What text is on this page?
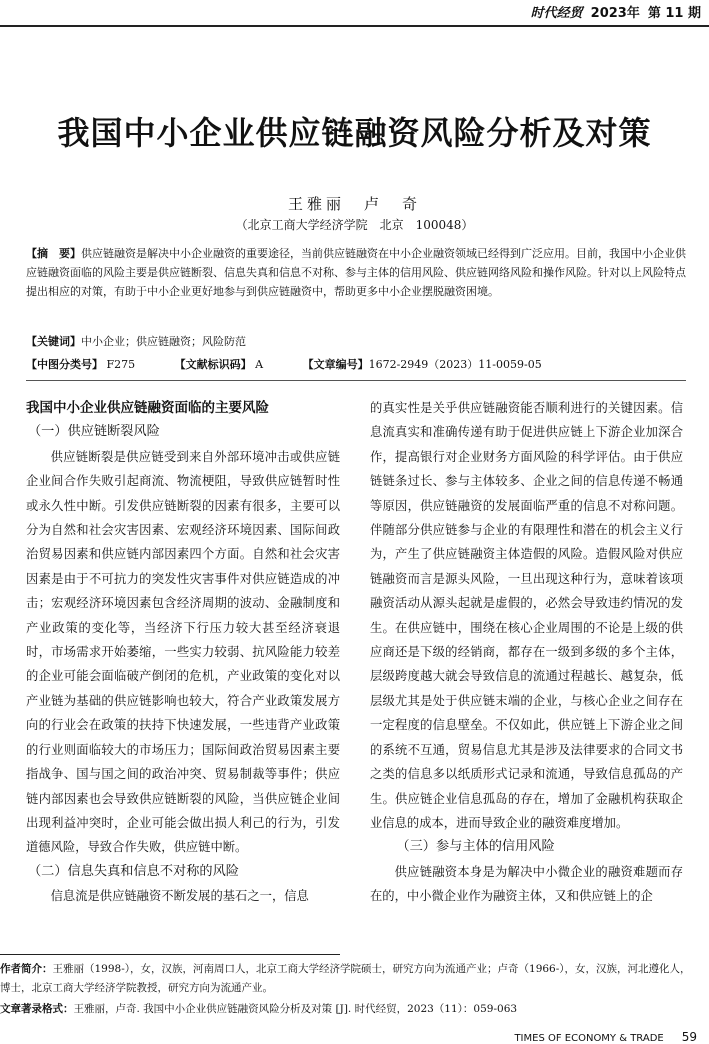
时代经贸 2023年 第 11 期
我国中小企业供应链融资风险分析及对策
王雅丽　卢　奇
（北京工商大学经济学院　北京　100048）
【摘　要】供应链融资是解决中小企业融资的重要途径，当前供应链融资在中小企业融资领域已经得到广泛应用。目前，我国中小企业供应链融资面临的风险主要是供应链断裂、信息失真和信息不对称、参与主体的信用风险、供应链网络风险和操作风险。针对以上风险特点提出相应的对策，有助于中小企业更好地参与到供应链融资中，帮助更多中小企业摆脱融资困境。
【关键词】中小企业；供应链融资；风险防范
【中图分类号】 F275	【文献标识码】 A	【文章编号】1672-2949（2023）11-0059-05
我国中小企业供应链融资面临的主要风险
（一）供应链断裂风险

供应链断裂是供应链受到来自外部环境冲击或供应链企业间合作失败引起商流、物流梗阻，导致供应链暂时性或永久性中断。引发供应链断裂的因素有很多，主要可以分为自然和社会灾害因素、宏观经济环境因素、国际间政治贸易因素和供应链内部因素四个方面。自然和社会灾害因素是由于不可抗力的突发性灾害事件对供应链造成的冲击；宏观经济环境因素包含经济周期的波动、金融制度和产业政策的变化等，当经济下行压力较大甚至经济衰退时，市场需求开始萎缩，一些实力较弱、抗风险能力较差的企业可能会面临破产倒闭的危机，产业政策的变化对以产业链为基础的供应链影响也较大，符合产业政策发展方向的行业会在政策的扶持下快速发展，一些违背产业政策的行业则面临较大的市场压力；国际间政治贸易因素主要指战争、国与国之间的政治冲突、贸易制裁等事件；供应链内部因素也会导致供应链断裂的风险，当供应链企业间出现利益冲突时，企业可能会做出损人利己的行为，引发道德风险，导致合作失败，供应链中断。

（二）信息失真和信息不对称的风险

信息流是供应链融资不断发展的基石之一，信息

的真实性是关乎供应链融资能否顺利进行的关键因素。信息流真实和准确传递有助于促进供应链上下游企业加深合作，提高银行对企业财务方面风险的科学评估。由于供应链链条过长、参与主体较多、企业之间的信息传递不畅通等原因，供应链融资的发展面临严重的信息不对称问题。伴随部分供应链参与企业的有限理性和潜在的机会主义行为，产生了供应链融资主体造假的风险。造假风险对供应链融资而言是源头风险，一旦出现这种行为，意味着该项融资活动从源头起就是虚假的，必然会导致违约情况的发生。在供应链中，围绕在核心企业周围的不论是上级的供应商还是下级的经销商，都存在一级到多级的多个主体，层级跨度越大就会导致信息的流通过程越长、越复杂，低层级尤其是处于供应链末端的企业，与核心企业之间存在一定程度的信息壁垒。不仅如此，供应链上下游企业之间的系统不互通，贸易信息尤其是涉及法律要求的合同文书之类的信息多以纸质形式记录和流通，导致信息孤岛的产生。供应链企业信息孤岛的存在，增加了金融机构获取企业信息的成本，进而导致企业的融资难度增加。

（三）参与主体的信用风险

供应链融资本身是为解决中小微企业的融资难题而存在的，中小微企业作为融资主体，又和供应链上的企

作者简介：王雅丽（1998-），女，汉族，河南周口人，北京工商大学经济学院硕士，研究方向为流通产业；卢奇（1966-），女，汉族，河北遵化人，博士，北京工商大学经济学院教授，研究方向为流通产业。
文章著录格式：王雅丽，卢奇. 我国中小企业供应链融资风险分析及对策 [J]. 时代经贸，2023（11）：059-063
TIMES OF ECONOMY & TRADE 59
